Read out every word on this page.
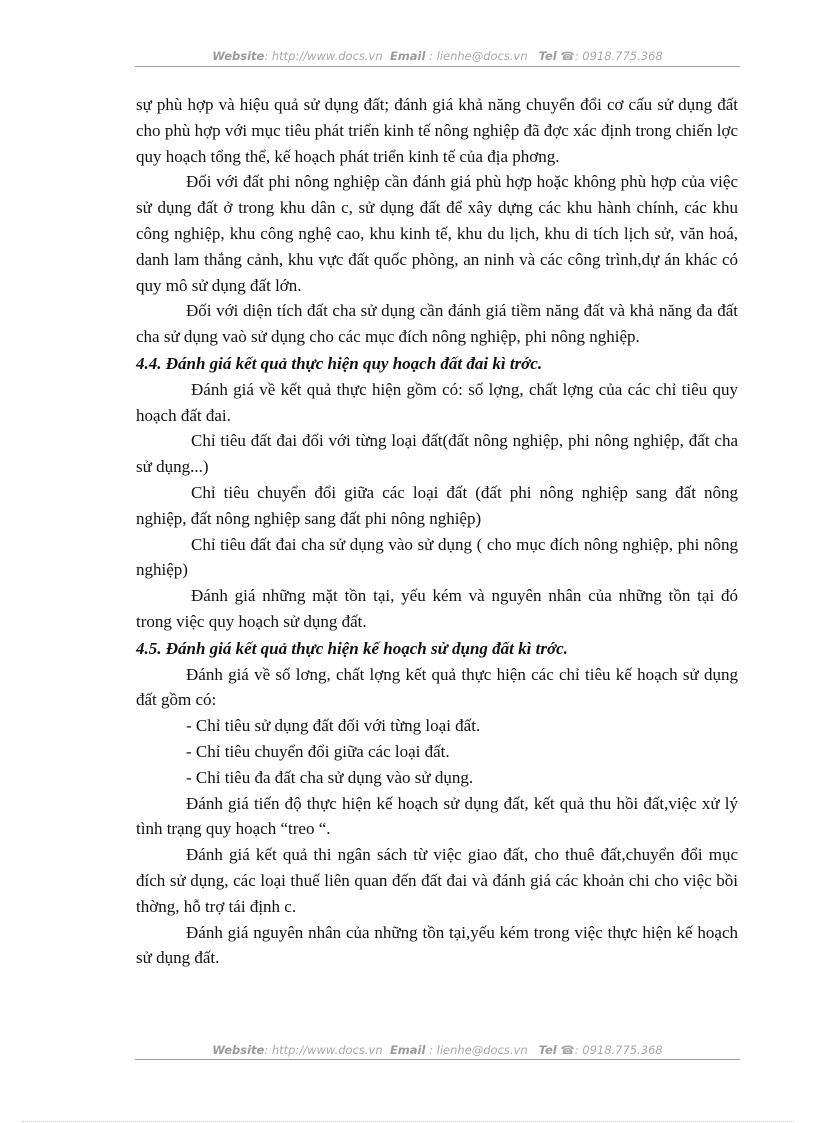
Website: http://www.docs.vn Email : lienhe@docs.vn Tel ☎: 0918.775.368

sự phù hợp và hiệu quả sử dụng đất; đánh giá khả năng chuyển đổi cơ cấu sử dụng đất cho phù hợp với mục tiêu phát triển kinh tế nông nghiệp đã đợc xác định trong chiến lợc quy hoạch tổng thể, kế hoạch phát triển kinh tế của địa phơng.

Đối với đất phi nông nghiệp cần đánh giá phù hợp hoặc không phù hợp của việc sử dụng đất ở trong khu dân c, sử dụng đất để xây dựng các khu hành chính, các khu công nghiệp, khu công nghệ cao, khu kinh tế, khu du lịch, khu di tích lịch sử, văn hoá, danh lam thắng cảnh, khu vực đất quốc phòng, an ninh và các công trình,dự án khác có quy mô sử dụng đất lớn.

Đối với diện tích đất cha sử dụng cần đánh giá tiềm năng đất và khả năng đa đất cha sử dụng vaò sử dụng cho các mục đích nông nghiệp, phi nông nghiệp.

4.4. Đánh giá kết quả thực hiện quy hoạch đất đai kì trớc.

Đánh giá về kết quả thực hiện gồm có: số lợng, chất lợng của các chỉ tiêu quy hoạch đất đai.

Chỉ tiêu đất đai đối với từng loại đất(đất nông nghiệp, phi nông nghiệp, đất cha sử dụng...)

Chỉ tiêu chuyển đổi giữa các loại đất (đất phi nông nghiệp sang đất nông nghiệp, đất nông nghiệp sang đất phi nông nghiệp)

Chỉ tiêu đất đai cha sử dụng vào sử dụng ( cho mục đích nông nghiệp, phi nông nghiệp)

Đánh giá những mặt tồn tại, yếu kém và nguyên nhân của những tồn tại đó trong việc quy hoạch sử dụng đất.

4.5. Đánh giá kết quả thực hiện kế hoạch sử dụng đất kì trớc.

Đánh giá về số lơng, chất lợng kết quả thực hiện các chỉ tiêu kế hoạch sử dụng đất gồm có:

- Chỉ tiêu sử dụng đất đối với từng loại đất.

- Chỉ tiêu chuyển đổi giữa các loại đất.

- Chỉ tiêu đa đất cha sử dụng vào sử dụng.

Đánh giá tiến độ thực hiện kế hoạch sử dụng đất, kết quả thu hồi đất,việc xử lý tình trạng quy hoạch “treo “.

Đánh giá kết quả thi ngân sách từ việc giao đất, cho thuê đất,chuyển đổi mục đích sử dụng, các loại thuế liên quan đến đất đai và đánh giá các khoản chi cho việc bồi thờng, hỗ trợ tái định c.

Đánh giá nguyên nhân của những tồn tại,yếu kém trong việc thực hiện kế hoạch sử dụng đất.

Website: http://www.docs.vn Email : lienhe@docs.vn Tel ☎: 0918.775.368
